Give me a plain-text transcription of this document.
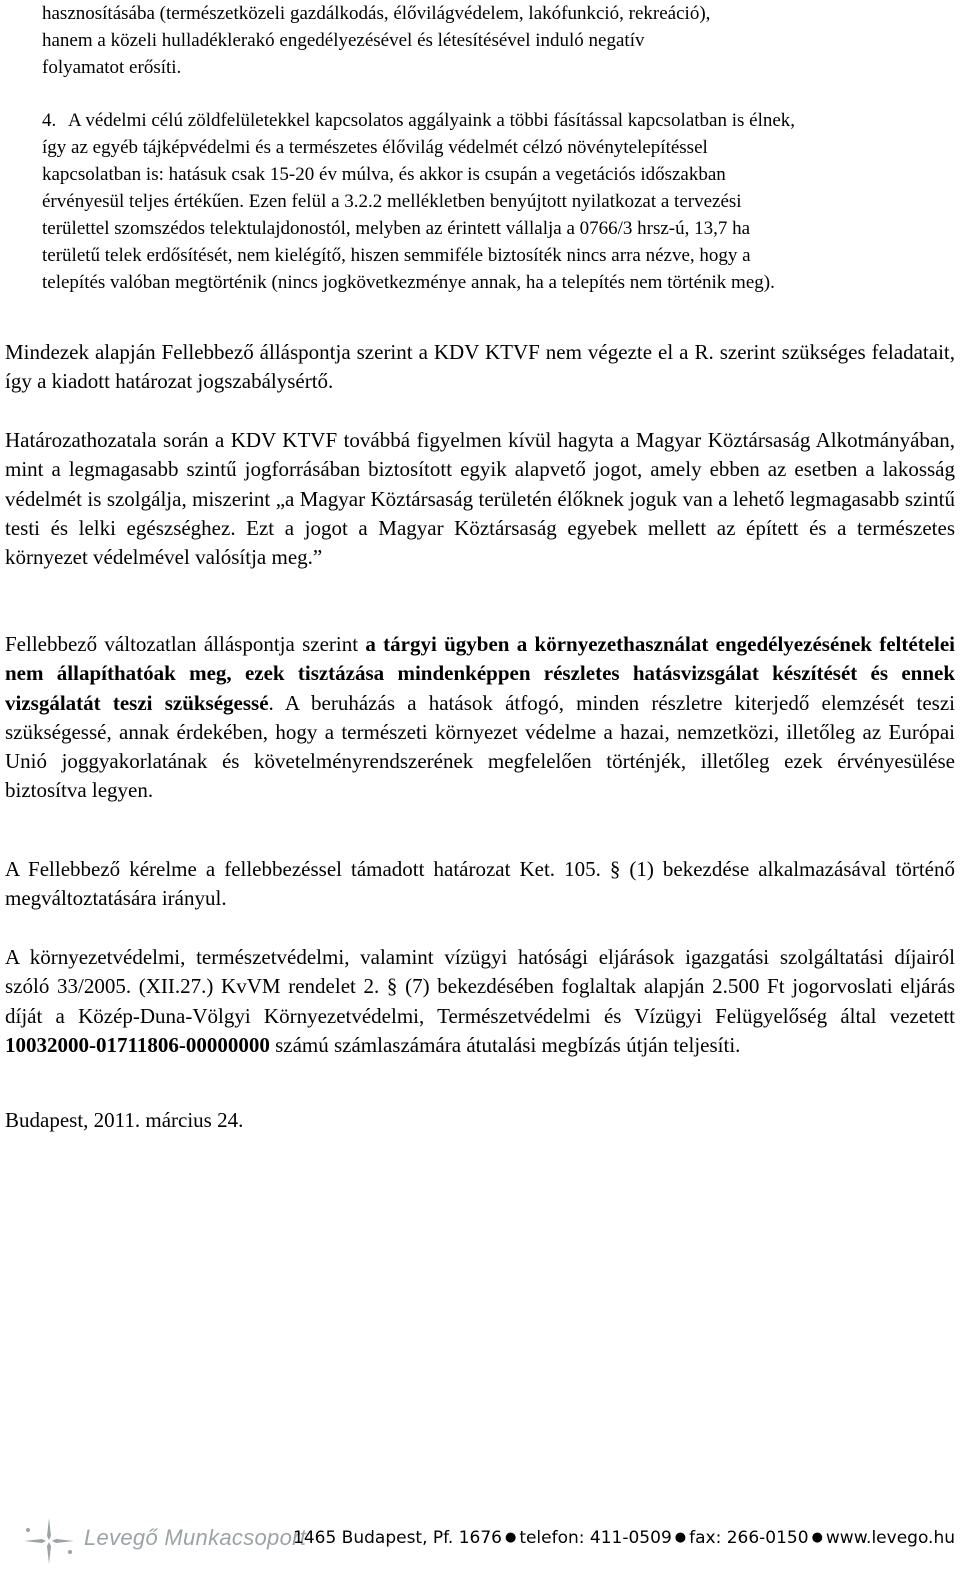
hasznosításába (természetközeli gazdálkodás, élővilágvédelem, lakófunkció, rekreáció),
hanem a közeli hulladéklerakó engedélyezésével és létesítésével induló negatív
folyamatot erősíti.
4. A védelmi célú zöldfelületekkel kapcsolatos aggályaink a többi fásítással kapcsolatban is élnek,
így az egyéb tájképvédelmi és a természetes élővilág védelmét célzó növénytelepítéssel
kapcsolatban is: hatásuk csak 15-20 év múlva, és akkor is csupán a vegetációs időszakban
érvényesül teljes értékűen. Ezen felül a 3.2.2 mellékletben benyújtott nyilatkozat a tervezési
területtel szomszédos telektulajdonostól, melyben az érintett vállalja a 0766/3 hrsz-ú, 13,7 ha
területű telek erdősítését, nem kielégítő, hiszen semmiféle biztosíték nincs arra nézve, hogy a
telepítés valóban megtörténik (nincs jogkövetkezménye annak, ha a telepítés nem történik meg).

Mindezek alapján Fellebbező álláspontja szerint a KDV KTVF nem végezte el a R. szerint szükséges feladatait, így a kiadott határozat jogszabálysértő.

Határozathozatala során a KDV KTVF továbbá figyelmen kívül hagyta a Magyar Köztársaság Alkotmányában, mint a legmagasabb szintű jogforrásában biztosított egyik alapvető jogot, amely ebben az esetben a lakosság védelmét is szolgálja, miszerint „a Magyar Köztársaság területén élőknek joguk van a lehető legmagasabb szintű testi és lelki egészséghez. Ezt a jogot a Magyar Köztársaság egyebek mellett az épített és a természetes környezet védelmével valósítja meg.”

Fellebbező változatlan álláspontja szerint a tárgyi ügyben a környezethasználat engedélyezésének feltételei nem állapíthatóak meg, ezek tisztázása mindenképpen részletes hatásvizsgálat készítését és ennek vizsgálatát teszi szükségessé. A beruházás a hatások átfogó, minden részletre kiterjedő elemzését teszi szükségessé, annak érdekében, hogy a természeti környezet védelme a hazai, nemzetközi, illetőleg az Európai Unió joggyakorlatának és követelményrendszerének megfelelően történjék, illetőleg ezek érvényesülése biztosítva legyen.

A Fellebbező kérelme a fellebbezéssel támadott határozat Ket. 105. § (1) bekezdése alkalmazásával történő megváltoztatására irányul.

A környezetvédelmi, természetvédelmi, valamint vízügyi hatósági eljárások igazgatási szolgáltatási díjairól szóló 33/2005. (XII.27.) KvVM rendelet 2. § (7) bekezdésében foglaltak alapján 2.500 Ft jogorvoslati eljárás díját a Közép-Duna-Völgyi Környezetvédelmi, Természetvédelmi és Vízügyi Felügyelőség által vezetett 10032000-01711806-00000000 számú számlaszámára átutalási megbízás útján teljesíti.

Budapest, 2011. március 24.

Levegő Munkacsoport
1465 Budapest, Pf. 1676 ● telefon: 411-0509 ● fax: 266-0150 ● www.levego.hu
